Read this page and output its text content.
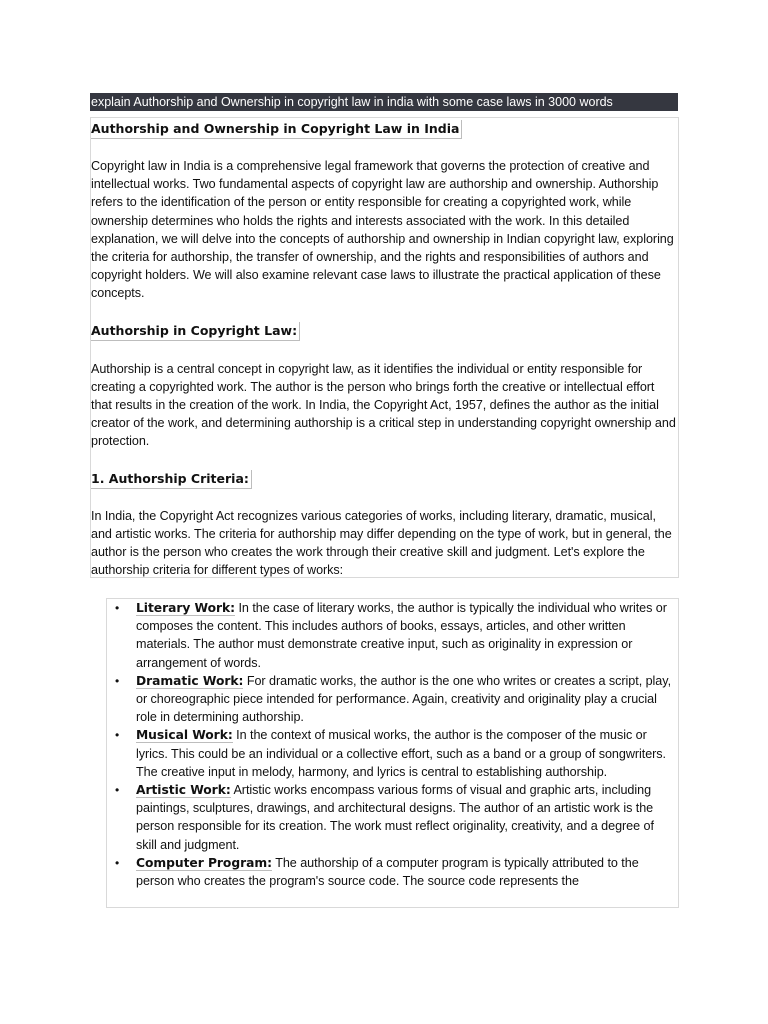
explain Authorship and Ownership in copyright law in india with some case laws in 3000 words
Authorship and Ownership in Copyright Law in India

Copyright law in India is a comprehensive legal framework that governs the protection of creative and intellectual works. Two fundamental aspects of copyright law are authorship and ownership. Authorship refers to the identification of the person or entity responsible for creating a copyrighted work, while ownership determines who holds the rights and interests associated with the work. In this detailed explanation, we will delve into the concepts of authorship and ownership in Indian copyright law, exploring the criteria for authorship, the transfer of ownership, and the rights and responsibilities of authors and copyright holders. We will also examine relevant case laws to illustrate the practical application of these concepts.

Authorship in Copyright Law:

Authorship is a central concept in copyright law, as it identifies the individual or entity responsible for creating a copyrighted work. The author is the person who brings forth the creative or intellectual effort that results in the creation of the work. In India, the Copyright Act, 1957, defines the author as the initial creator of the work, and determining authorship is a critical step in understanding copyright ownership and protection.

1. Authorship Criteria:

In India, the Copyright Act recognizes various categories of works, including literary, dramatic, musical, and artistic works. The criteria for authorship may differ depending on the type of work, but in general, the author is the person who creates the work through their creative skill and judgment. Let's explore the authorship criteria for different types of works:

• Literary Work: In the case of literary works, the author is typically the individual who writes or composes the content. This includes authors of books, essays, articles, and other written materials. The author must demonstrate creative input, such as originality in expression or arrangement of words.
• Dramatic Work: For dramatic works, the author is the one who writes or creates a script, play, or choreographic piece intended for performance. Again, creativity and originality play a crucial role in determining authorship.
• Musical Work: In the context of musical works, the author is the composer of the music or lyrics. This could be an individual or a collective effort, such as a band or a group of songwriters. The creative input in melody, harmony, and lyrics is central to establishing authorship.
• Artistic Work: Artistic works encompass various forms of visual and graphic arts, including paintings, sculptures, drawings, and architectural designs. The author of an artistic work is the person responsible for its creation. The work must reflect originality, creativity, and a degree of skill and judgment.
• Computer Program: The authorship of a computer program is typically attributed to the person who creates the program's source code. The source code represents the
